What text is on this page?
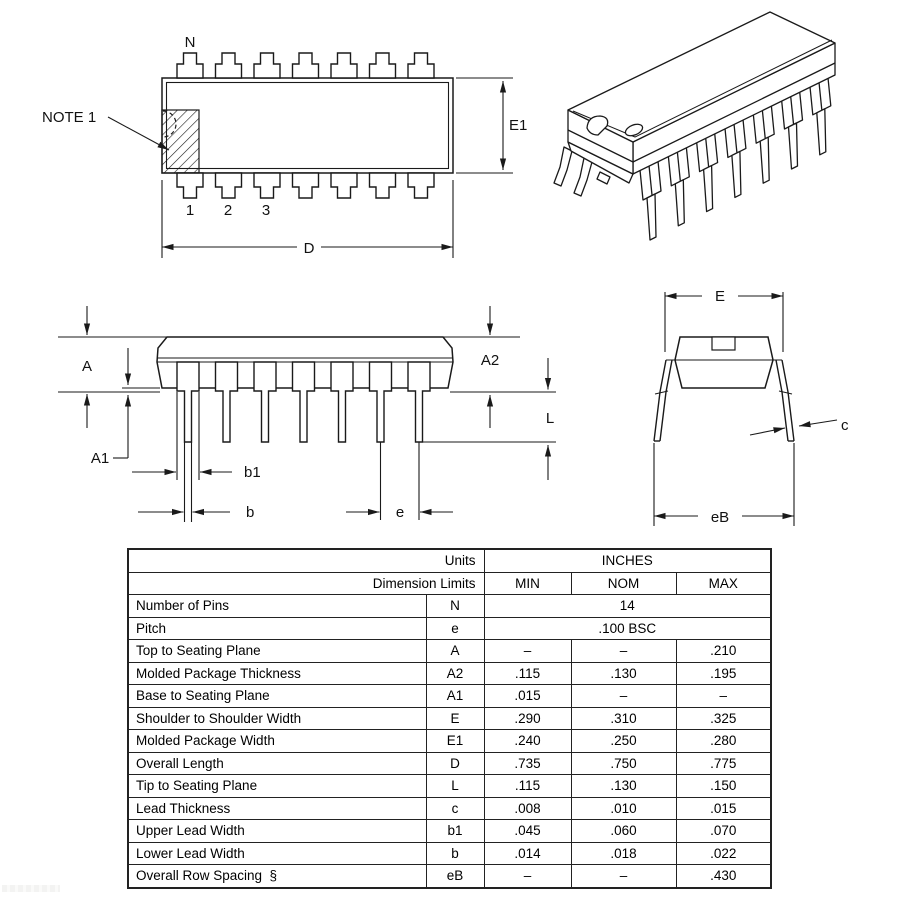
N
NOTE 1	E1
D
1 2 3
A
A1
A2
L
b1
b	e
E
c
eB
Units		INCHES		
Dimension Limits		MIN	NOM	MAX
Number of Pins	N	14		
Pitch	e	.100 BSC		
Top to Seating Plane	A	–	–	.210
Molded Package Thickness	A2	.115	.130	.195
Base to Seating Plane	A1	.015	–	–
Shoulder to Shoulder Width	E	.290	.310	.325
Molded Package Width	E1	.240	.250	.280
Overall Length	D	.735	.750	.775
Tip to Seating Plane	L	.115	.130	.150
Lead Thickness	c	.008	.010	.015
Upper Lead Width	b1	.045	.060	.070
Lower Lead Width	b	.014	.018	.022
Overall Row Spacing  §	eB	–	–	.430
